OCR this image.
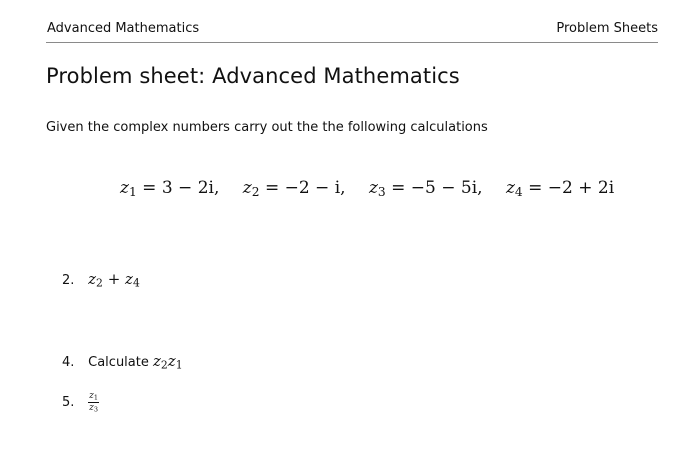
Advanced Mathematics	Problem Sheets
Problem sheet: Advanced Mathematics
Given the complex numbers carry out the the following calculations
$z_1 = 3 - 2i$, $z_2 = -2 - i$, $z_3 = -5 - 5i$, $z_4 = -2 + 2i$
2. $z_2 + z_4$
4. Calculate $z_2z_1$
5. $\frac{z_1}{z_3}$
